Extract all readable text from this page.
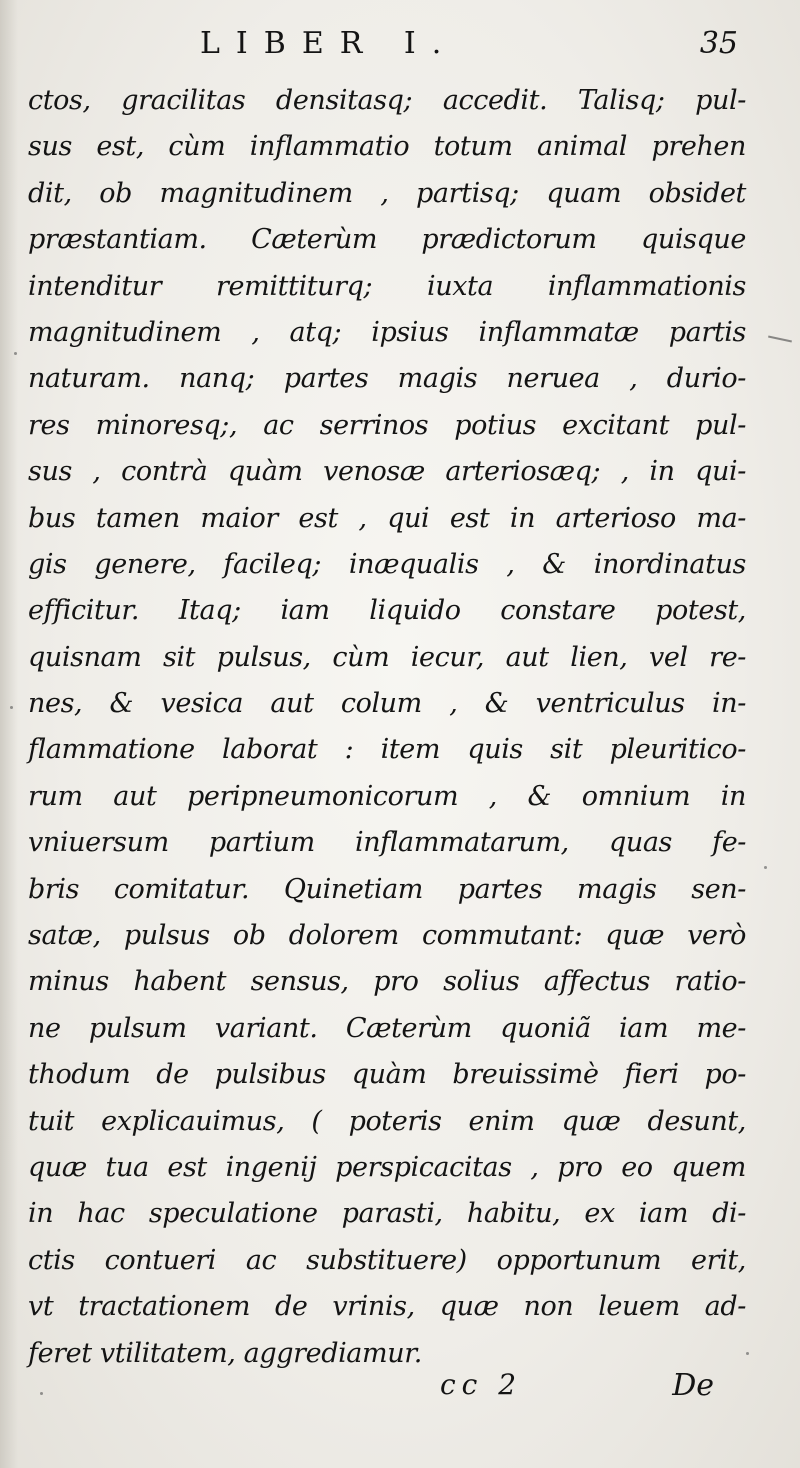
LIBER I.	35
ctos, gracilitas densitasq; accedit. Talisq; pul-
sus est, cùm inflammatio totum animal prehen
dit, ob magnitudinem , partisq; quam obsidet
præstantiam. Cæterùm prædictorum quisque
intenditur remittiturq; iuxta inflammationis
magnitudinem , atq; ipsius inflammatæ partis
naturam. nanq; partes magis neruea , durio-
res minoresq;, ac serrinos potius excitant pul-
sus , contrà quàm venosæ arteriosæq; , in qui-
bus tamen maior est , qui est in arterioso ma-
gis genere, facileq; inæqualis , & inordinatus
efficitur. Itaq; iam liquido constare potest,
quisnam sit pulsus, cùm iecur, aut lien, vel re-
nes, & vesica aut colum , & ventriculus in-
flammatione laborat : item quis sit pleuritico-
rum aut peripneumonicorum , & omnium in
vniuersum partium inflammatarum, quas fe-
bris comitatur. Quinetiam partes magis sen-
satæ, pulsus ob dolorem commutant: quæ verò
minus habent sensus, pro solius affectus ratio-
ne pulsum variant. Cæterùm quoniã iam me-
thodum de pulsibus quàm breuissimè fieri po-
tuit explicauimus, ( poteris enim quæ desunt,
quæ tua est ingenij perspicacitas , pro eo quem
in hac speculatione parasti, habitu, ex iam di-
ctis contueri ac substituere) opportunum erit,
vt tractationem de vrinis, quæ non leuem ad-
feret vtilitatem, aggrediamur.
cc 2	De
